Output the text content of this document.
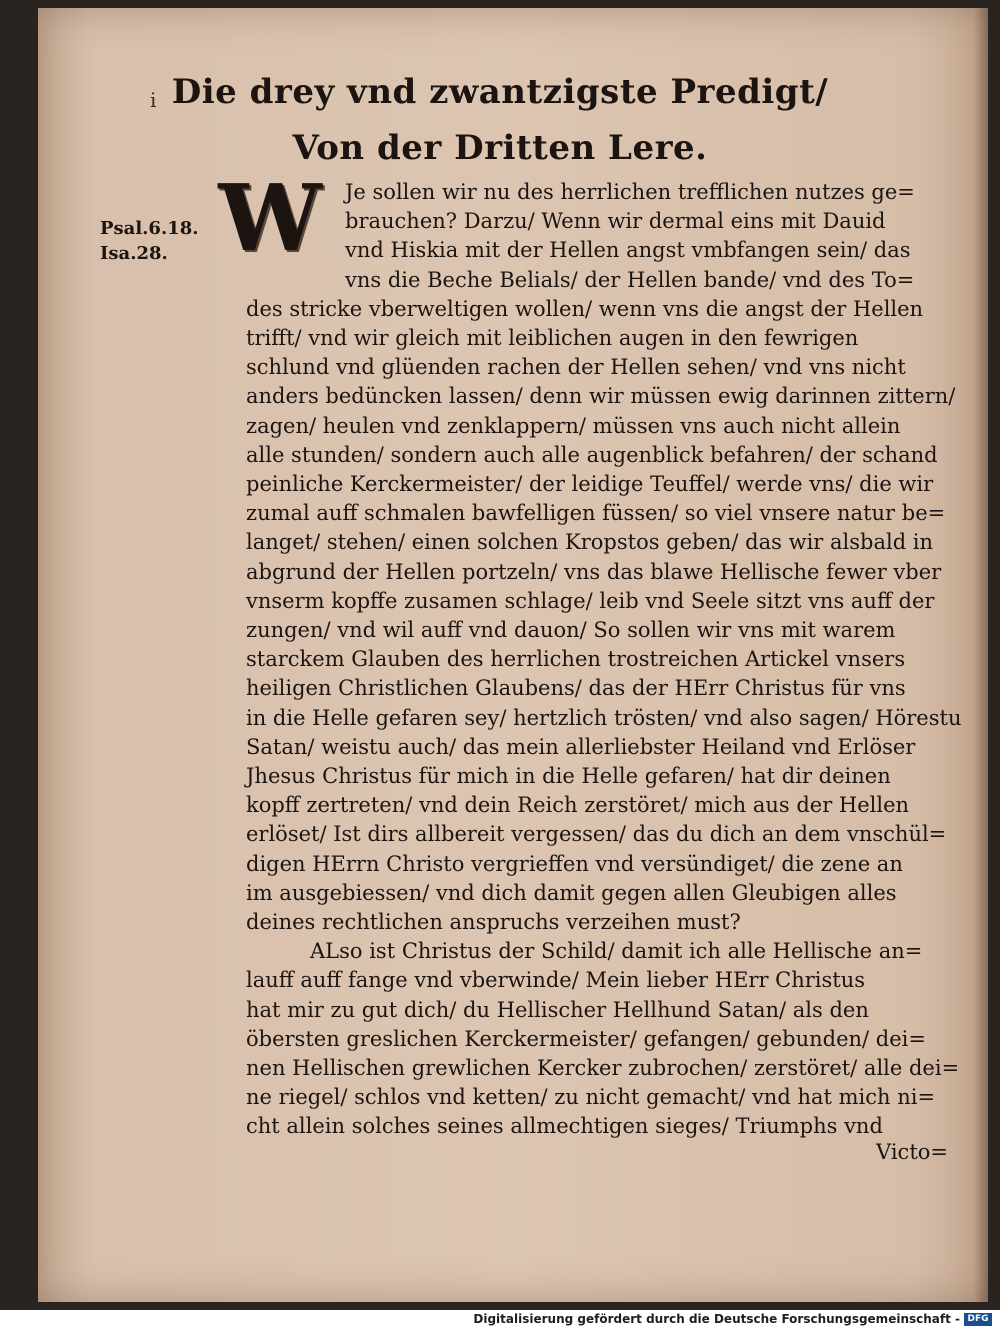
ⅰ Die drey vnd zwantzigste Predigt/
Von der Dritten Lere.
Psal.6.18.
Isa.28. W	Je sollen wir nu des herrlichen trefflichen nutzes ge=
brauchen? Darzu/ Wenn wir dermal eins mit Dauid
vnd Hiskia mit der Hellen angst vmbfangen sein/ das
vns die Beche Belials/ der Hellen bande/ vnd des To=
des stricke vberweltigen wollen/ wenn vns die angst der Hellen
trifft/ vnd wir gleich mit leiblichen augen in den fewrigen
schlund vnd glüenden rachen der Hellen sehen/ vnd vns nicht
anders bedüncken lassen/ denn wir müssen ewig darinnen zittern/
zagen/ heulen vnd zenklappern/ müssen vns auch nicht allein
alle stunden/ sondern auch alle augenblick befahren/ der schand
peinliche Kerckermeister/ der leidige Teuffel/ werde vns/ die wir
zumal auff schmalen bawfelligen füssen/ so viel vnsere natur be=
langet/ stehen/ einen solchen Kropstos geben/ das wir alsbald in
abgrund der Hellen portzeln/ vns das blawe Hellische fewer vber
vnserm kopffe zusamen schlage/ leib vnd Seele sitzt vns auff der
zungen/ vnd wil auff vnd dauon/ So sollen wir vns mit warem
starckem Glauben des herrlichen trostreichen Artickel vnsers
heiligen Christlichen Glaubens/ das der HErr Christus für vns
in die Helle gefaren sey/ hertzlich trösten/ vnd also sagen/ Hörestu
Satan/ weistu auch/ das mein allerliebster Heiland vnd Erlöser
Jhesus Christus für mich in die Helle gefaren/ hat dir deinen
kopff zertreten/ vnd dein Reich zerstöret/ mich aus der Hellen
erlöset/ Ist dirs allbereit vergessen/ das du dich an dem vnschül=
digen HErrn Christo vergrieffen vnd versündiget/ die zene an
im ausgebiessen/ vnd dich damit gegen allen Gleubigen alles
deines rechtlichen anspruchs verzeihen must?
ALso ist Christus der Schild/ damit ich alle Hellische an=
lauff auff fange vnd vberwinde/ Mein lieber HErr Christus
hat mir zu gut dich/ du Hellischer Hellhund Satan/ als den
öbersten greslichen Kerckermeister/ gefangen/ gebunden/ dei=
nen Hellischen grewlichen Kercker zubrochen/ zerstöret/ alle dei=
ne riegel/ schlos vnd ketten/ zu nicht gemacht/ vnd hat mich ni=
cht allein solches seines allmechtigen sieges/ Triumphs vnd
Victo=
Digitalisierung gefördert durch die Deutsche Forschungsgemeinschaft - DFG
